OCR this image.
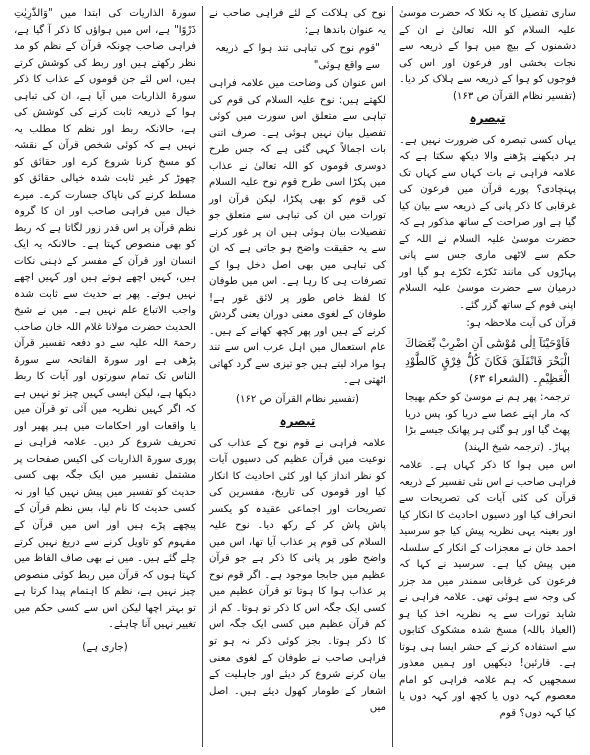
ساری تفصیل کا یہ نکلا کہ حضرت موسیٰ علیہ السلام کو اللہ تعالیٰ نے ان کے دشمنوں کے بیچ میں ہوا کے ذریعہ سے نجات بخشی اور فرعون اور اس کی فوجوں کو ہوا کے ذریعہ سے ہلاک کر دیا۔ (تفسیر نظام القرآن ص ۱۶۳)

تبصرہ

یہاں کسی تبصرہ کی ضرورت نہیں ہے۔ ہر دیکھنے پڑھنے والا دیکھ سکتا ہے کہ علامہ فراہی نے بات کہاں سے کہاں تک پہنچادی؟ پورے قرآن میں فرعون کی غرقابی کا ذکر پانی کے ذریعہ سے بیان کیا گیا ہے اور صراحت کے ساتھ مذکور ہے کہ حضرت موسیٰ علیہ السلام نے اللہ کے حکم سے لاٹھی ماری جس سے پانی پہاڑوں کی مانند ٹکڑے ٹکڑے ہو گیا اور درمیان سے حضرت موسیٰ علیہ السلام اپنی قوم کے ساتھ گزر گئے۔

قرآن کی آیت ملاحظہ ہو:

فَاَوْحَیْنَآ اِلٰی مُوْسٰٓی اَنِ اضْرِبْ بِّعَصَاكَ الْبَحْرَ فَانْفَلَقَ فَكَانَ كُلُّ فِرْقٍ كَالطَّوْدِ الْعَظِیْمِ۔ (الشعراء ۶۳)

ترجمہ: پھر ہم نے موسیٰ کو حکم بھیجا کہ مار اپنے عصا سے دریا کو، پس دریا پھٹ گیا اور ہو گئی ہر پھانک جیسے بڑا پہاڑ۔ (ترجمہ شیخ الہند)

اس میں ہوا کا ذکر کہاں ہے۔ علامہ فراہی صاحب نے اس نئی تفسیر کے ذریعہ قرآن کی کئی آیات کی تصریحات سے انحراف کیا اور دسیوں احادیث کا انکار کیا اور بعینہ یہی نظریہ پیش کیا جو سرسید احمد خان نے معجزات کے انکار کے سلسلہ میں پیش کیا ہے۔ سرسید نے کہا کہ فرعون کی غرقابی سمندر میں مد جزر کی وجہ سے ہوئی تھی۔ علامہ فراہی نے شاید تورات سے یہ نظریہ اخذ کیا ہو (العیاذ باللہ) مسخ شدہ مشکوک کتابوں سے استفادہ کرنے کے حشر ایسا ہی ہوتا ہے۔ قارئین! دیکھیں اور ہمیں معذور سمجھیں کہ ہم علامہ فراہی کو امام معصوم کہہ دوں یا کچھ اور کہہ دوں یا کیا کہہ دوں؟ قوم

نوح کی ہلاکت کے لئے فراہی صاحب نے یہ عنوان باندھا ہے:

"قوم نوح کی تباہی تند ہوا کے ذریعہ سے واقع ہوئی"

اس عنوان کی وضاحت میں علامہ فراہی لکھتے ہیں: نوح علیہ السلام کی قوم کی تباہی سے متعلق اس سورت میں کوئی تفصیل بیان نہیں ہوئی ہے۔ صرف اتنی بات اجمالاً کہی گئی ہے کہ جس طرح دوسری قوموں کو اللہ تعالیٰ نے عذاب میں پکڑا اسی طرح قوم نوح علیہ السلام کی قوم کو بھی پکڑا، لیکن قرآن اور تورات میں ان کی تباہی سے متعلق جو تفصیلات بیان ہوئی ہیں ان پر غور کرنے سے یہ حقیقت واضح ہو جاتی ہے کہ ان کی تباہی میں بھی اصل دخل ہوا کے تصرفات ہی کا رہا ہے۔ اس میں طوفان کا لفظ خاص طور پر لائق غور ہے! طوفان کے لغوی معنی دوران یعنی گردش کرنے کے ہیں اور پھر کچھ کھانے کے ہیں۔ عام استعمال میں اہل عرب اس سے تند ہوا مراد لیتے ہیں جو تیزی سے گرد کھاتی اٹھتی ہے۔

(تفسیر نظام القرآن ص ۱۶۲)

تبصرہ

علامہ فراہی نے قوم نوح کے عذاب کی نوعیت میں قرآن عظیم کی دسیوں آیات کو نظر انداز کیا اور کئی احادیث کا انکار کیا اور قوموں کی تاریخ، مفسرین کی تصریحات اور اجماعی عقیدہ کو یکسر پاش پاش کر کے رکھ دیا۔ نوح علیہ السلام کی قوم پر عذاب آیا تھا، اس میں واضح طور پر پانی کا ذکر ہے جو قرآن عظیم میں جابجا موجود ہے۔ اگر قوم نوح پر عذاب ہوا کا ہوتا تو قرآن عظیم میں کسی ایک جگہ اس کا ذکر تو ہوتا۔ کم از کم قرآن عظیم میں کسی ایک جگہ اس کا ذکر ہوتا۔ بجز کوئی ذکر نہ ہو تو فراہی صاحب نے طوفان کے لغوی معنی بیان کرنے شروع کر دیئے اور جاہلیت کے اشعار کے طومار کھول دیئے ہیں۔ اصل میں

سورۃ الذاریات کی ابتدا میں "وَالذّٰرِیٰتِ ذَرْوًا" ہے، اس میں ہواؤں کا ذکر آ گیا ہے، فراہی صاحب چونکہ قرآن کے نظم کو مد نظر رکھتے ہیں اور ربط کی کوشش کرتے ہیں، اس لئے جن قوموں کے عذاب کا ذکر سورۃ الذاریات میں آیا ہے، ان کی تباہی ہوا کے ذریعہ ثابت کرنے کی کوشش کی ہے، حالانکہ ربط اور نظم کا مطلب یہ نہیں ہے کہ کوئی شخص قرآن کے نقشہ کو مسخ کرنا شروع کرے اور حقائق کو چھوڑ کر غیر ثابت شدہ خیالی حقائق کو مسلط کرنے کی ناپاک جسارت کرے۔ میرے خیال میں فراہی صاحب اور ان کا گروہ نظم قرآن پر اس قدر زور لگاتا ہے کہ ربط کو بھی منصوص کہتا ہے۔ حالانکہ یہ ایک انسان اور قرآن کے مفسر کے ذہنی نکات ہیں، کہیں اچھے ہوتے ہیں اور کہیں اچھے نہیں ہوتے۔ پھر بے حدیث سے ثابت شدہ واجب الاتباع علم نہیں ہے۔ میں نے شیخ الحدیث حضرت مولانا غلام اللہ خان صاحب رحمۃ اللہ علیہ سے دو دفعہ تفسیر قرآن پڑھی ہے اور سورۃ الفاتحہ سے سورۃ الناس تک تمام سورتوں اور آیات کا ربط دیکھا ہے، لیکن ایسی کہیں چیز تو نہیں ہے کہ اگر کہیں نظریہ میں آئی تو قرآن میں یا واقعات اور احکامات میں ہیر پھیر اور تحریف شروع کر دیں۔ علامہ فراہی نے پوری سورۃ الذاریات کی اکیس صفحات پر مشتمل تفسیر میں ایک جگہ بھی کسی حدیث کو تفسیر میں پیش نہیں کیا اور نہ کسی حدیث کا نام لیا، بس نظم قرآن کے پیچھے پڑے ہیں اور اس میں قرآن کے مفہوم کو تاویل کرنے سے دریغ نہیں کرتے چلے گئے ہیں۔ میں نے بھی صاف الفاظ میں کہتا ہوں کہ قرآن میں ربط کوئی منصوص چیز نہیں ہے، نظم کا اہتمام پیدا کرتا ہے تو بہتر اچھا لیکن اس سے کسی حکم میں تغییر نہیں آنا چاہئے۔

(جاری ہے)
